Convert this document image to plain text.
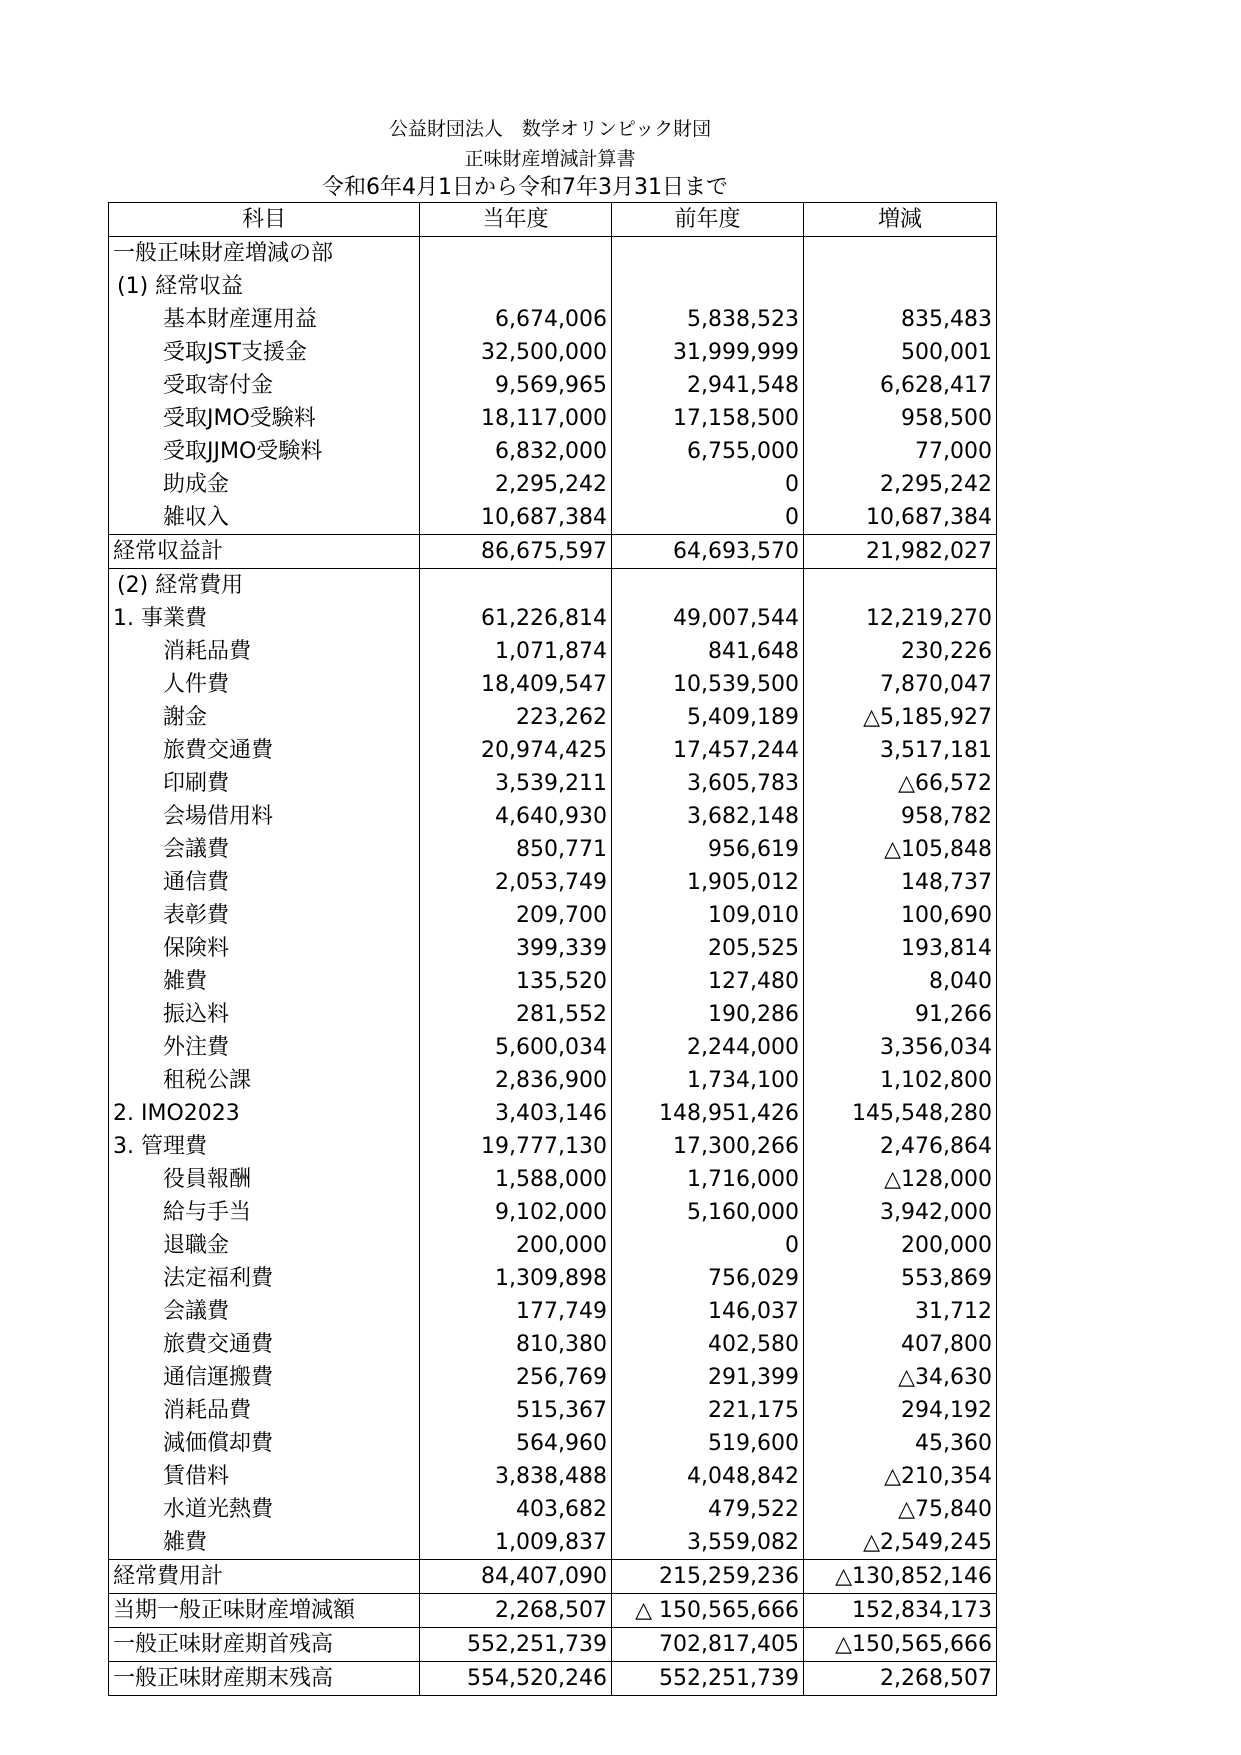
公益財団法人　数学オリンピック財団
正味財産増減計算書
令和6年4月1日から令和7年3月31日まで
科目	当年度	前年度	増減
一般正味財産増減の部			
(1) 経常収益			
基本財産運用益	6,674,006	5,838,523	835,483
受取JST支援金	32,500,000	31,999,999	500,001
受取寄付金	9,569,965	2,941,548	6,628,417
受取JMO受験料	18,117,000	17,158,500	958,500
受取JJMO受験料	6,832,000	6,755,000	77,000
助成金	2,295,242	0	2,295,242
雑収入	10,687,384	0	10,687,384
経常収益計	86,675,597	64,693,570	21,982,027
(2) 経常費用			
1. 事業費	61,226,814	49,007,544	12,219,270
消耗品費	1,071,874	841,648	230,226
人件費	18,409,547	10,539,500	7,870,047
謝金	223,262	5,409,189	△5,185,927
旅費交通費	20,974,425	17,457,244	3,517,181
印刷費	3,539,211	3,605,783	△66,572
会場借用料	4,640,930	3,682,148	958,782
会議費	850,771	956,619	△105,848
通信費	2,053,749	1,905,012	148,737
表彰費	209,700	109,010	100,690
保険料	399,339	205,525	193,814
雑費	135,520	127,480	8,040
振込料	281,552	190,286	91,266
外注費	5,600,034	2,244,000	3,356,034
租税公課	2,836,900	1,734,100	1,102,800
2. IMO2023	3,403,146	148,951,426	145,548,280
3. 管理費	19,777,130	17,300,266	2,476,864
役員報酬	1,588,000	1,716,000	△128,000
給与手当	9,102,000	5,160,000	3,942,000
退職金	200,000	0	200,000
法定福利費	1,309,898	756,029	553,869
会議費	177,749	146,037	31,712
旅費交通費	810,380	402,580	407,800
通信運搬費	256,769	291,399	△34,630
消耗品費	515,367	221,175	294,192
減価償却費	564,960	519,600	45,360
賃借料	3,838,488	4,048,842	△210,354
水道光熱費	403,682	479,522	△75,840
雑費	1,009,837	3,559,082	△2,549,245
経常費用計	84,407,090	215,259,236	△130,852,146
当期一般正味財産増減額	2,268,507	△ 150,565,666	152,834,173
一般正味財産期首残高	552,251,739	702,817,405	△150,565,666
一般正味財産期末残高	554,520,246	552,251,739	2,268,507
